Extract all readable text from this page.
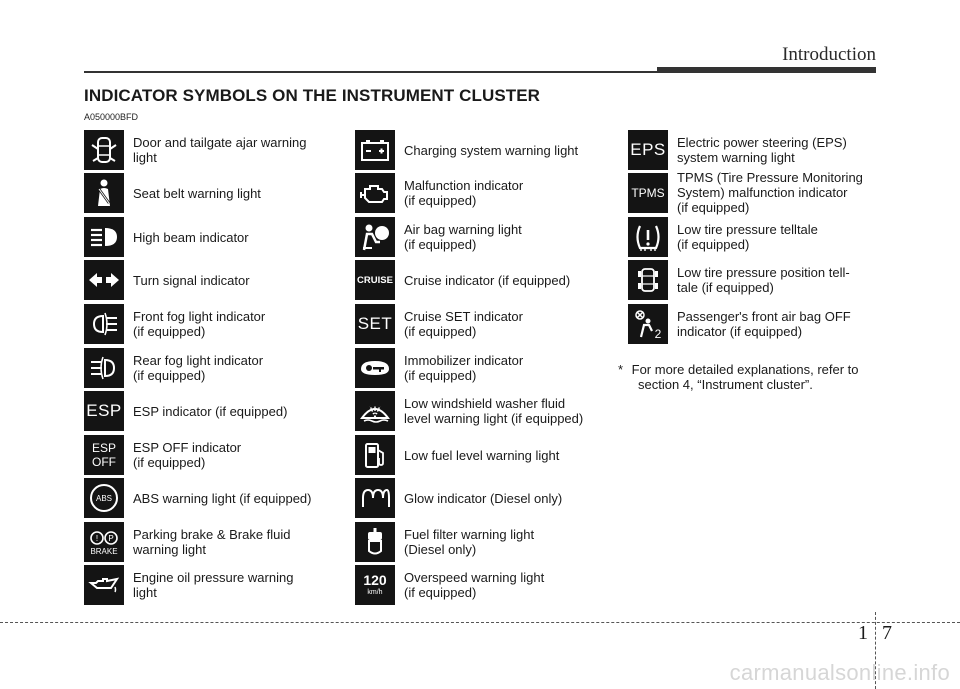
Introduction
INDICATOR SYMBOLS ON THE INSTRUMENT CLUSTER
A050000BFD
Door and tailgate ajar warning
light
Seat belt warning light
High beam indicator
Turn signal indicator
Front fog light indicator
(if equipped)
Rear fog light indicator
(if equipped)
ESP ESP indicator (if equipped)
ESP
OFF
ESP OFF indicator
(if equipped)
ABS ABS warning light (if equipped)
! P
BRAKE
Parking brake & Brake fluid
warning light
Engine oil pressure warning
light
Charging system warning light
Malfunction indicator
(if equipped)
Air bag warning light
(if equipped)
CRUISE Cruise indicator (if equipped)
SET Cruise SET indicator
(if equipped)
Immobilizer indicator
(if equipped)
Low windshield washer fluid
level warning light (if equipped)
Low fuel level warning light
Glow indicator (Diesel only)
Fuel filter warning light
(Diesel only)
120
km/h
Overspeed warning light
(if equipped)
EPS Electric power steering (EPS)
system warning light
TPMS
TPMS (Tire Pressure Monitoring
System) malfunction indicator
(if equipped)
Low tire pressure telltale
(if equipped)
Low tire pressure position tell-
tale (if equipped)
2
Passenger's front air bag OFF
indicator (if equipped)
* For more detailed explanations, refer to
section 4, “Instrument cluster”.
1 7
carmanualsonline.info
